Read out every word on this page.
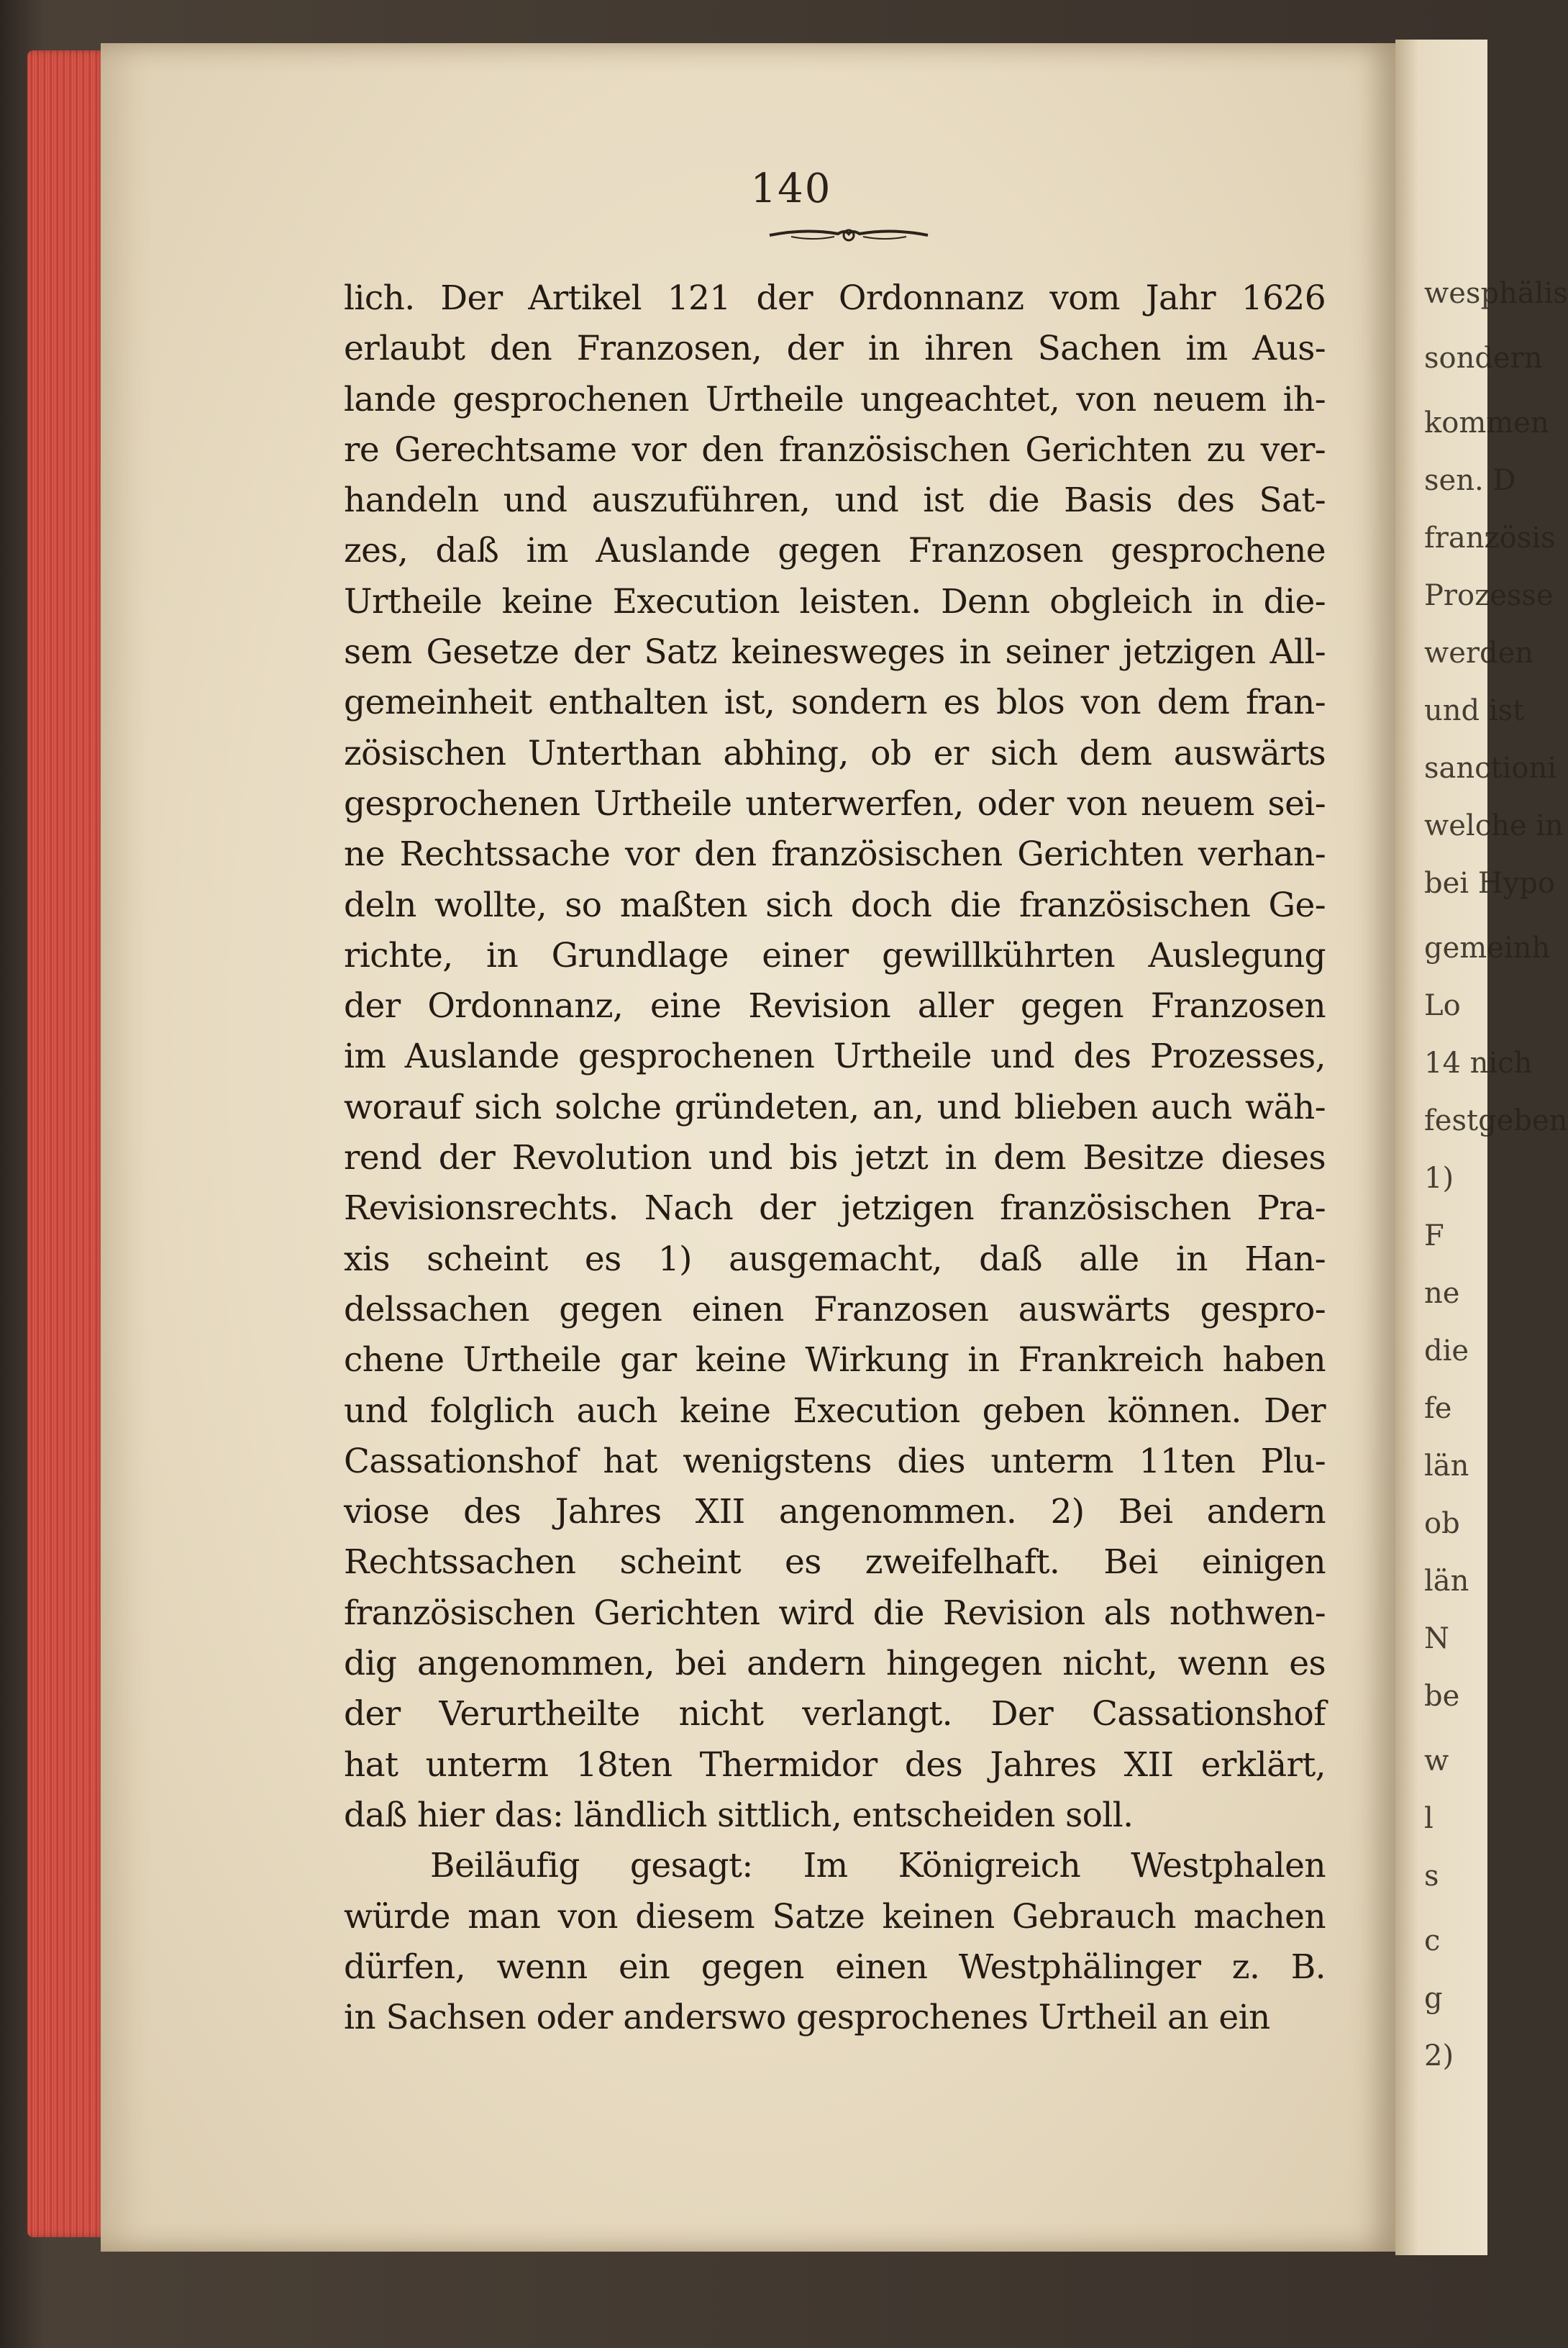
140
lich. Der Artikel 121 der Ordonnanz vom Jahr 1626
erlaubt den Franzosen, der in ihren Sachen im Aus-
lande gesprochenen Urtheile ungeachtet, von neuem ih-
re Gerechtsame vor den französischen Gerichten zu ver-
handeln und auszuführen, und ist die Basis des Sat-
zes, daß im Auslande gegen Franzosen gesprochene
Urtheile keine Execution leisten. Denn obgleich in die-
sem Gesetze der Satz keinesweges in seiner jetzigen All-
gemeinheit enthalten ist, sondern es blos von dem fran-
zösischen Unterthan abhing, ob er sich dem auswärts
gesprochenen Urtheile unterwerfen, oder von neuem sei-
ne Rechtssache vor den französischen Gerichten verhan-
deln wollte, so maßten sich doch die französischen Ge-
richte, in Grundlage einer gewillkührten Auslegung
der Ordonnanz, eine Revision aller gegen Franzosen
im Auslande gesprochenen Urtheile und des Prozesses,
worauf sich solche gründeten, an, und blieben auch wäh-
rend der Revolution und bis jetzt in dem Besitze dieses
Revisionsrechts. Nach der jetzigen französischen Pra-
xis scheint es 1) ausgemacht, daß alle in Han-
delssachen gegen einen Franzosen auswärts gespro-
chene Urtheile gar keine Wirkung in Frankreich haben
und folglich auch keine Execution geben können. Der
Cassationshof hat wenigstens dies unterm 11ten Plu-
viose des Jahres XII angenommen. 2) Bei andern
Rechtssachen scheint es zweifelhaft. Bei einigen
französischen Gerichten wird die Revision als nothwen-
dig angenommen, bei andern hingegen nicht, wenn es
der Verurtheilte nicht verlangt. Der Cassationshof
hat unterm 18ten Thermidor des Jahres XII erklärt,
daß hier das: ländlich sittlich, entscheiden soll.
Beiläufig gesagt: Im Königreich Westphalen
würde man von diesem Satze keinen Gebrauch machen
dürfen, wenn ein gegen einen Westphälinger z. B.
in Sachsen oder anderswo gesprochenes Urtheil an ein
wesphälis
sondern
kommen
sen. D
französis
Prozesse
werden
und ist
sanctioni
welche in
bei Hypo
gemeinh
Lo
14 nich
festgeben
1)
F
ne
die
fe
län
ob
län
N
be
w
l
s
c
g
2)
